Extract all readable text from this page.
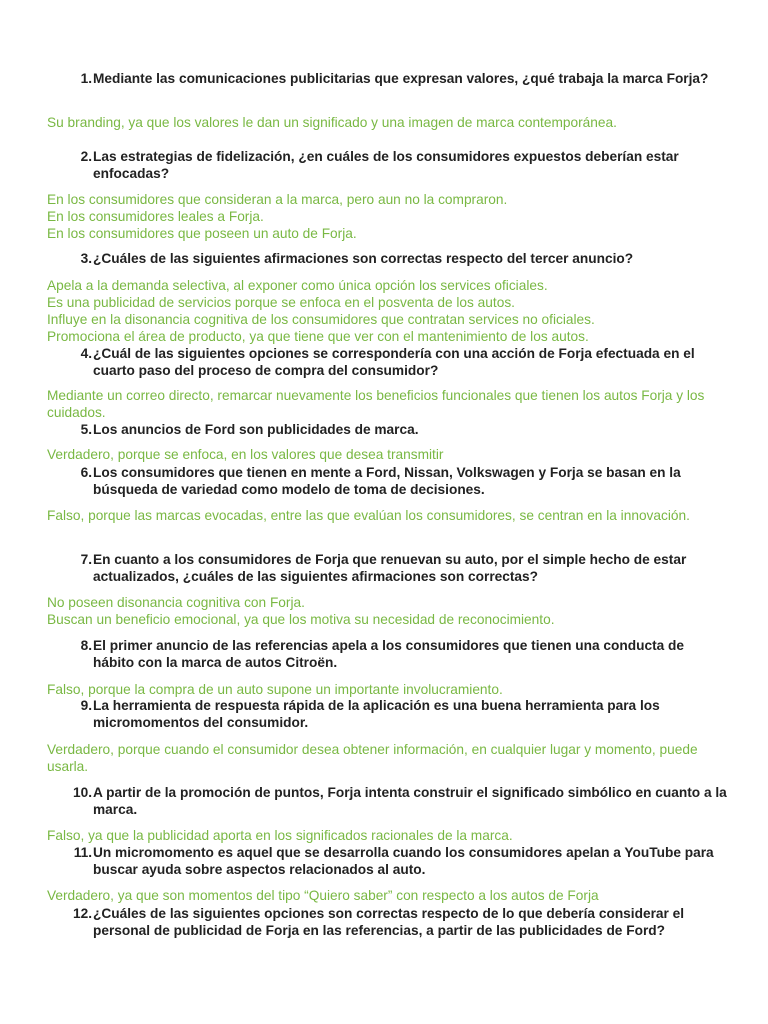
1. Mediante las comunicaciones publicitarias que expresan valores, ¿qué trabaja la marca Forja?
Su branding, ya que los valores le dan un significado y una imagen de marca contemporánea.
2. Las estrategias de fidelización, ¿en cuáles de los consumidores expuestos deberían estar enfocadas?
En los consumidores que consideran a la marca, pero aun no la compraron.
En los consumidores leales a Forja.
En los consumidores que poseen un auto de Forja.
3. ¿Cuáles de las siguientes afirmaciones son correctas respecto del tercer anuncio?
Apela a la demanda selectiva, al exponer como única opción los services oficiales.
Es una publicidad de servicios porque se enfoca en el posventa de los autos.
Influye en la disonancia cognitiva de los consumidores que contratan services no oficiales.
Promociona el área de producto, ya que tiene que ver con el mantenimiento de los autos.
4. ¿Cuál de las siguientes opciones se correspondería con una acción de Forja efectuada en el cuarto paso del proceso de compra del consumidor?
Mediante un correo directo, remarcar nuevamente los beneficios funcionales que tienen los autos Forja y los cuidados.
5. Los anuncios de Ford son publicidades de marca.
Verdadero, porque se enfoca, en los valores que desea transmitir
6. Los consumidores que tienen en mente a Ford, Nissan, Volkswagen y Forja se basan en la búsqueda de variedad como modelo de toma de decisiones.
Falso, porque las marcas evocadas, entre las que evalúan los consumidores, se centran en la innovación.
7. En cuanto a los consumidores de Forja que renuevan su auto, por el simple hecho de estar actualizados, ¿cuáles de las siguientes afirmaciones son correctas?
No poseen disonancia cognitiva con Forja.
Buscan un beneficio emocional, ya que los motiva su necesidad de reconocimiento.
8. El primer anuncio de las referencias apela a los consumidores que tienen una conducta de hábito con la marca de autos Citroën.
Falso, porque la compra de un auto supone un importante involucramiento.
9. La herramienta de respuesta rápida de la aplicación es una buena herramienta para los micromomentos del consumidor.
Verdadero, porque cuando el consumidor desea obtener información, en cualquier lugar y momento, puede usarla.
10. A partir de la promoción de puntos, Forja intenta construir el significado simbólico en cuanto a la marca.
Falso, ya que la publicidad aporta en los significados racionales de la marca.
11. Un micromomento es aquel que se desarrolla cuando los consumidores apelan a YouTube para buscar ayuda sobre aspectos relacionados al auto.
Verdadero, ya que son momentos del tipo “Quiero saber” con respecto a los autos de Forja
12. ¿Cuáles de las siguientes opciones son correctas respecto de lo que debería considerar el personal de publicidad de Forja en las referencias, a partir de las publicidades de Ford?
